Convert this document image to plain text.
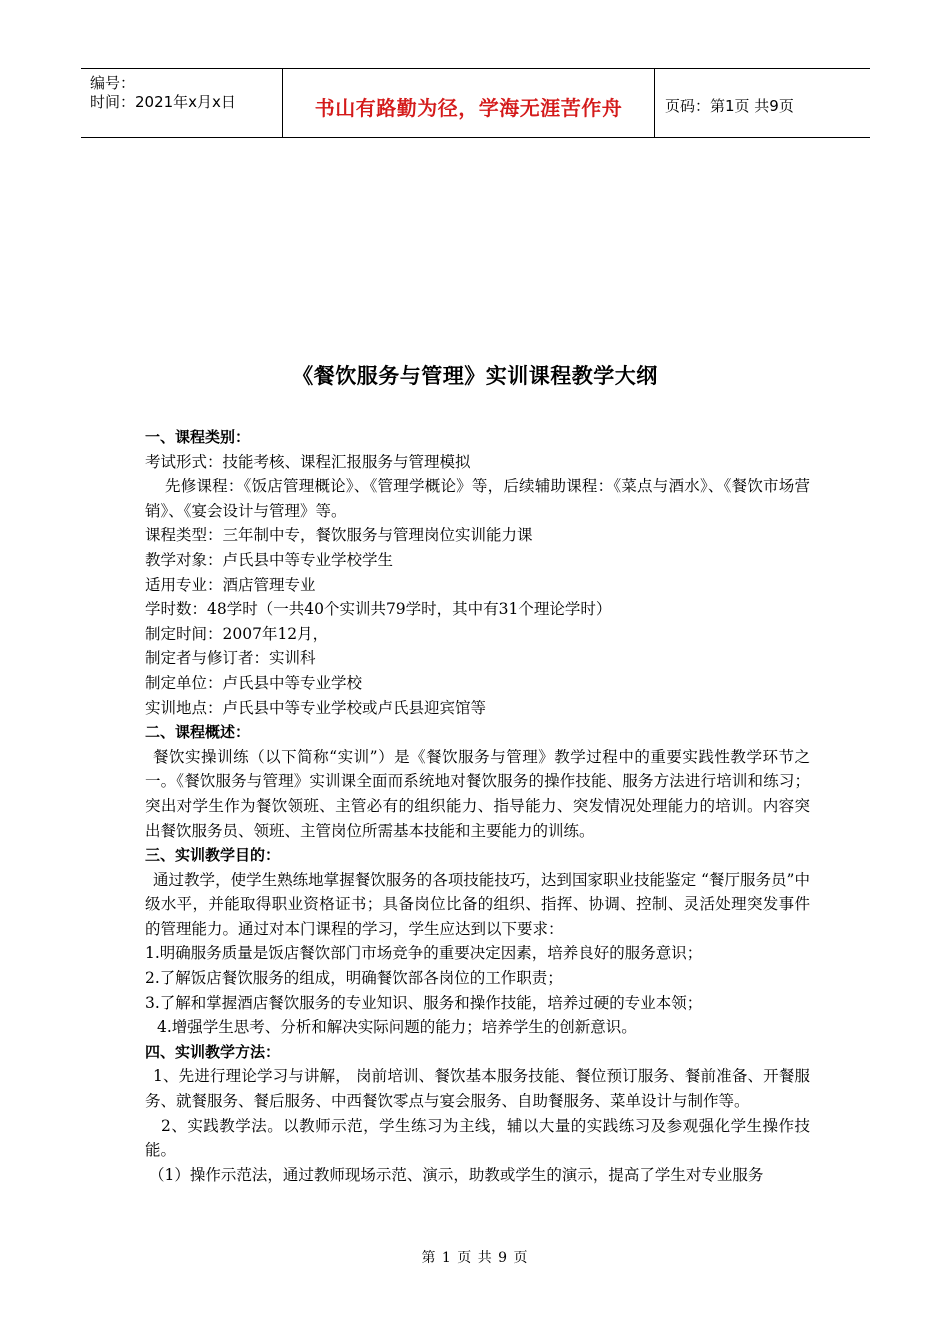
编号：
时间：2021年x月x日	书山有路勤为径，学海无涯苦作舟	页码：第1页 共9页
《餐饮服务与管理》实训课程教学大纲

一、课程类别：

考试形式：技能考核、课程汇报服务与管理模拟

先修课程：《饭店管理概论》、《管理学概论》等，后续辅助课程：《菜点与酒水》、《餐饮市场营销》、《宴会设计与管理》等。

课程类型：三年制中专，餐饮服务与管理岗位实训能力课

教学对象：卢氏县中等专业学校学生

适用专业：酒店管理专业

学时数：48学时（一共40个实训共79学时，其中有31个理论学时）

制定时间：2007年12月，

制定者与修订者：实训科

制定单位：卢氏县中等专业学校

实训地点：卢氏县中等专业学校或卢氏县迎宾馆等

二、课程概述：

餐饮实操训练（以下简称“实训”）是《餐饮服务与管理》教学过程中的重要实践性教学环节之一。《餐饮服务与管理》实训课全面而系统地对餐饮服务的操作技能、服务方法进行培训和练习；突出对学生作为餐饮领班、主管必有的组织能力、指导能力、突发情况处理能力的培训。内容突出餐饮服务员、领班、主管岗位所需基本技能和主要能力的训练。

三、实训教学目的：

通过教学，使学生熟练地掌握餐饮服务的各项技能技巧，达到国家职业技能鉴定 “餐厅服务员”中级水平，并能取得职业资格证书；具备岗位比备的组织、指挥、协调、控制、灵活处理突发事件的管理能力。通过对本门课程的学习，学生应达到以下要求：

1.明确服务质量是饭店餐饮部门市场竞争的重要决定因素，培养良好的服务意识；

2.了解饭店餐饮服务的组成，明确餐饮部各岗位的工作职责；

3.了解和掌握酒店餐饮服务的专业知识、服务和操作技能，培养过硬的专业本领；

4.增强学生思考、分析和解决实际问题的能力；培养学生的创新意识。

四、实训教学方法：

1、先进行理论学习与讲解， 岗前培训、餐饮基本服务技能、餐位预订服务、餐前准备、开餐服务、就餐服务、餐后服务、中西餐饮零点与宴会服务、自助餐服务、菜单设计与制作等。

2、实践教学法。以教师示范，学生练习为主线，辅以大量的实践练习及参观强化学生操作技能。

（1）操作示范法，通过教师现场示范、演示，助教或学生的演示，提高了学生对专业服务

第 1 页 共 9 页
